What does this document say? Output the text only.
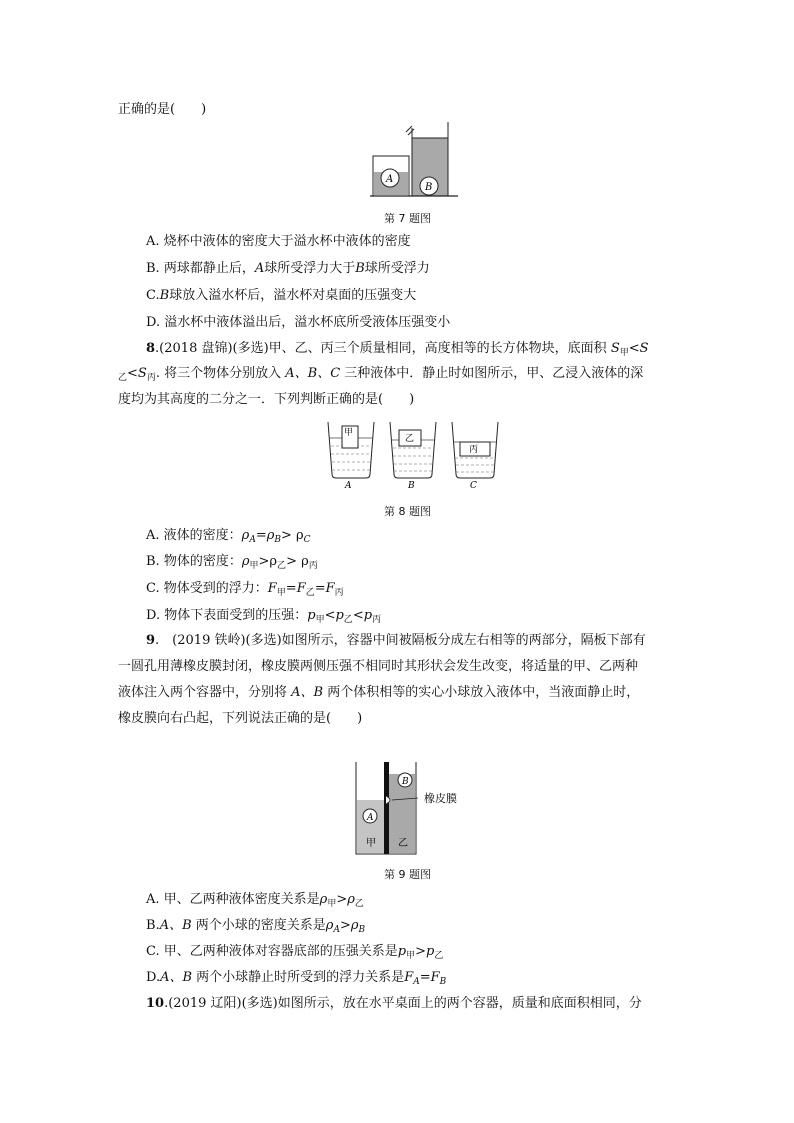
正确的是(　　)
A
B
第 7 题图
A. 烧杯中液体的密度大于溢水杯中液体的密度
B. 两球都静止后，A球所受浮力大于B球所受浮力
C.B球放入溢水杯后，溢水杯对桌面的压强变大
D. 溢水杯中液体溢出后，溢水杯底所受液体压强变小
8.(2018 盘锦)(多选)甲、乙、丙三个质量相同，高度相等的长方体物块，底面积 $S_甲<S$
$_乙<S_丙$. 将三个物体分别放入 A、B、C 三种液体中．静止时如图所示，甲、乙浸入液体的深
度均为其高度的二分之一．下列判断正确的是(　　)
甲
乙
丙
A	B	C
第 8 题图
A. 液体的密度：$\rho_A=\rho_B> \rho_C$
B. 物体的密度：$\rho_甲>\rho_乙> \rho_丙$
C. 物体受到的浮力：$F_甲=F_乙=F_丙$
D. 物体下表面受到的压强：$p_甲<p_乙<p_丙$
9.　(2019 铁岭)(多选)如图所示，容器中间被隔板分成左右相等的两部分，隔板下部有
一圆孔用薄橡皮膜封闭，橡皮膜两侧压强不相同时其形状会发生改变，将适量的甲、乙两种
液体注入两个容器中，分别将 A、B 两个体积相等的实心小球放入液体中，当液面静止时，
橡皮膜向右凸起，下列说法正确的是(　　)
橡皮膜
A
B
甲 乙
第 9 题图
A. 甲、乙两种液体密度关系是$\rho_甲>\rho_乙$
B.A、B 两个小球的密度关系是$\rho_A>\rho_B$
C. 甲、乙两种液体对容器底部的压强关系是$p_甲>p_乙$
D.A、B 两个小球静止时所受到的浮力关系是$F_A=F_B$
10.(2019 辽阳)(多选)如图所示，放在水平桌面上的两个容器，质量和底面积相同，分
